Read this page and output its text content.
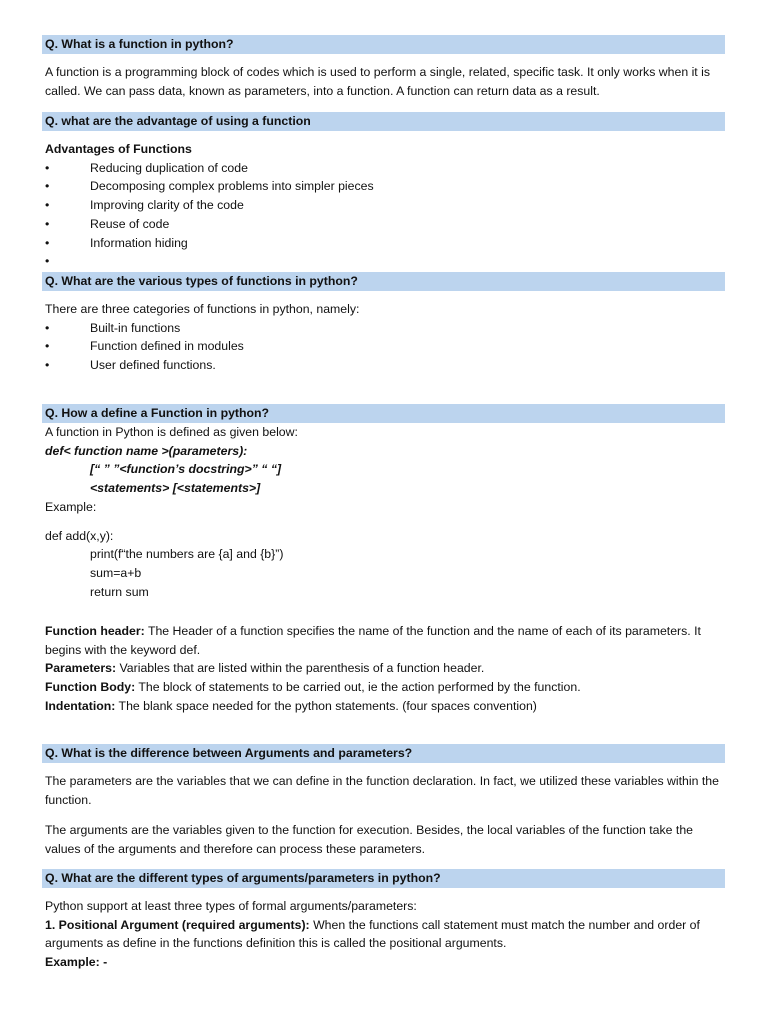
Q. What is a function in python?
A function is a programming block of codes which is used to perform a single, related, specific task. It only works when it is called. We can pass data, known as parameters, into a function. A function can return data as a result.
Q. what are the advantage of using a function
Advantages of Functions
•	Reducing duplication of code
•	Decomposing complex problems into simpler pieces
•	Improving clarity of the code
•	Reuse of code
•	Information hiding
•
Q. What are the various types of functions in python?
There are three categories of functions in python, namely:
•	Built-in functions
•	Function defined in modules
•	User defined functions.
Q. How a define a Function in python?
A function in Python is defined as given below:
def< function name >(parameters):
[“ ” ”<function’s docstring>” “ “]
<statements> [<statements>]
Example:
def add(x,y):
print(f“the numbers are {a] and {b}”)
sum=a+b
return sum
Function header: The Header of a function specifies the name of the function and the name of each of its parameters. It begins with the keyword def.
Parameters: Variables that are listed within the parenthesis of a function header.
Function Body: The block of statements to be carried out, ie the action performed by the function.
Indentation: The blank space needed for the python statements. (four spaces convention)
Q. What is the difference between Arguments and parameters?
The parameters are the variables that we can define in the function declaration. In fact, we utilized these variables within the function.
The arguments are the variables given to the function for execution. Besides, the local variables of the function take the values of the arguments and therefore can process these parameters.
Q. What are the different types of arguments/parameters in python?
Python support at least three types of formal arguments/parameters:
1. Positional Argument (required arguments): When the functions call statement must match the number and order of arguments as define in the functions definition this is called the positional arguments.
Example: -
